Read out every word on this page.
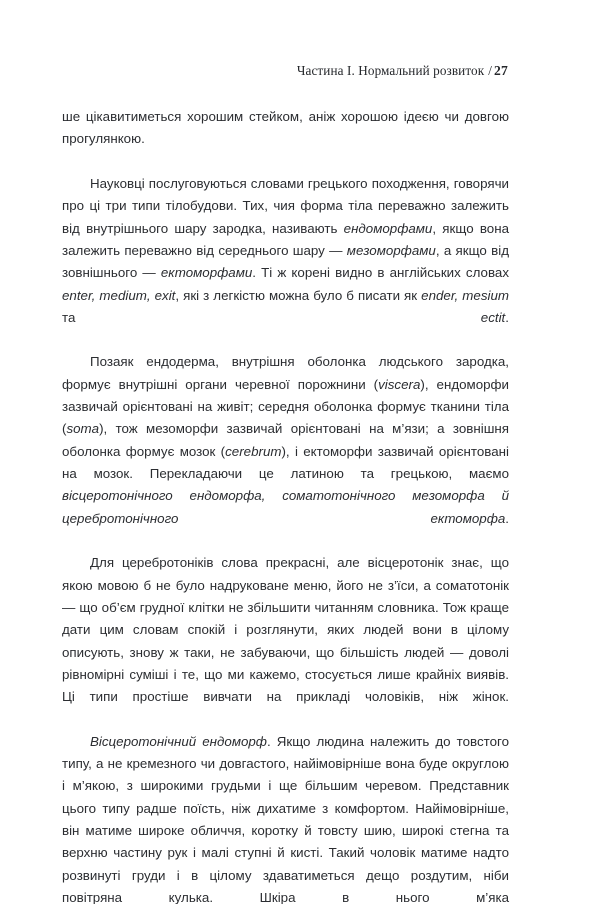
Частина I. Нормальний розвиток / 27

ше цікавитиметься хорошим стейком, аніж хорошою ідеєю чи довгою прогулянкою.

Науковці послуговуються словами грецького походження, говорячи про ці три типи тілобудови. Тих, чия форма тіла переважно залежить від внутрішнього шару зародка, називають ендоморфами, якщо вона залежить переважно від середнього шару — мезоморфами, а якщо від зовнішнього — ектоморфами. Ті ж корені видно в англійських словах enter, medium, exit, які з легкістю можна було б писати як ender, mesium та ectit.

Позаяк ендодерма, внутрішня оболонка людського зародка, формує внутрішні органи черевної порожнини (viscera), ендоморфи зазвичай орієнтовані на живіт; середня оболонка формує тканини тіла (soma), тож мезоморфи зазвичай орієнтовані на м’язи; а зовнішня оболонка формує мозок (cerebrum), і ектоморфи зазвичай орієнтовані на мозок. Перекладаючи це латиною та грецькою, маємо вісцеротонічного ендоморфа, соматотонічного мезоморфа й церебротонічного ектоморфа.

Для церебротоніків слова прекрасні, але вісцеротонік знає, що якою мовою б не було надруковане меню, його не з’їси, а соматотонік — що об’єм грудної клітки не збільшити читанням словника. Тож краще дати цим словам спокій і розглянути, яких людей вони в цілому описують, знову ж таки, не забуваючи, що більшість людей — доволі рівномірні суміші і те, що ми кажемо, стосується лише крайніх виявів. Ці типи простіше вивчати на прикладі чоловіків, ніж жінок.

Вісцеротонічний ендоморф. Якщо людина належить до товстого типу, а не кремезного чи довгастого, найімовірніше вона буде округлою і м’якою, з широкими грудьми і ще більшим черевом. Представник цього типу радше поїсть, ніж дихатиме з комфортом. Найімовірніше, він матиме широке обличчя, коротку й товсту шию, широкі стегна та верхню частину рук і малі ступні й кисті. Такий чоловік матиме надто розвинуті груди і в цілому здаватиметься дещо роздутим, ніби повітряна кулька. Шкіра в нього м’яка
